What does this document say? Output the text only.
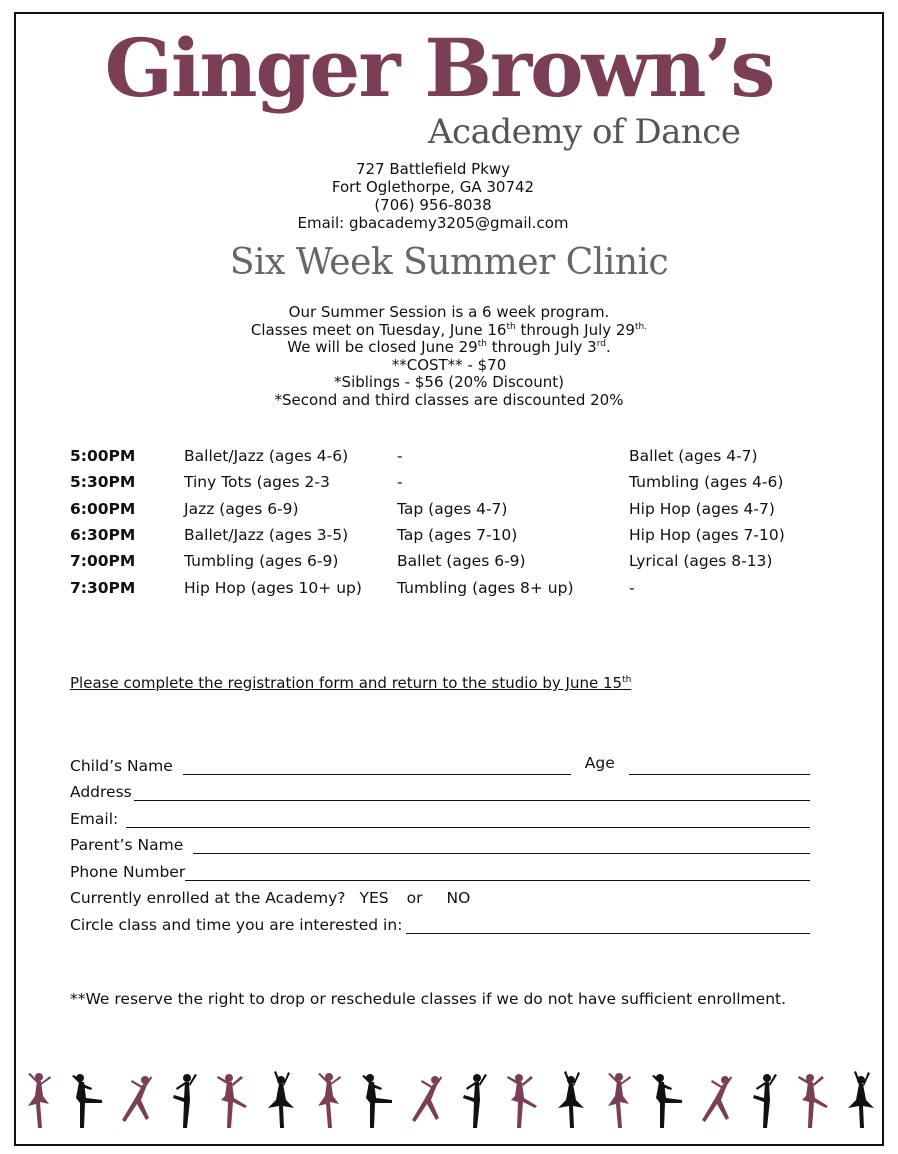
Ginger Brown’s
Academy of Dance
727 Battlefield Pkwy
Fort Oglethorpe, GA 30742
(706) 956-8038
Email: gbacademy3205@gmail.com
Six Week Summer Clinic
Our Summer Session is a 6 week program.
Classes meet on Tuesday, June 16th through July $29^{th.}$
We will be closed June 29th through July 3rd.
**COST** - $70
*Siblings - $56 (20% Discount)
*Second and third classes are discounted 20%
5:00PM	Ballet/Jazz (ages 4-6)	-	Ballet (ages 4-7)
5:30PM	Tiny Tots (ages 2-3	-	Tumbling (ages 4-6)
6:00PM	Jazz (ages 6-9)	Tap (ages 4-7)	Hip Hop (ages 4-7)
6:30PM	Ballet/Jazz (ages 3-5)	Tap (ages 7-10)	Hip Hop (ages 7-10)
7:00PM	Tumbling (ages 6-9)	Ballet (ages 6-9)	Lyrical (ages 8-13)
7:30PM	Hip Hop (ages 10+ up)	Tumbling (ages 8+ up)	-
Please complete the registration form and return to the studio by June 15th
Child’s Name	Age
Address
Email:
Parent’s Name
Phone Number
Currently enrolled at the Academy? YES or NO
Circle class and time you are interested in:
**We reserve the right to drop or reschedule classes if we do not have sufficient enrollment.
